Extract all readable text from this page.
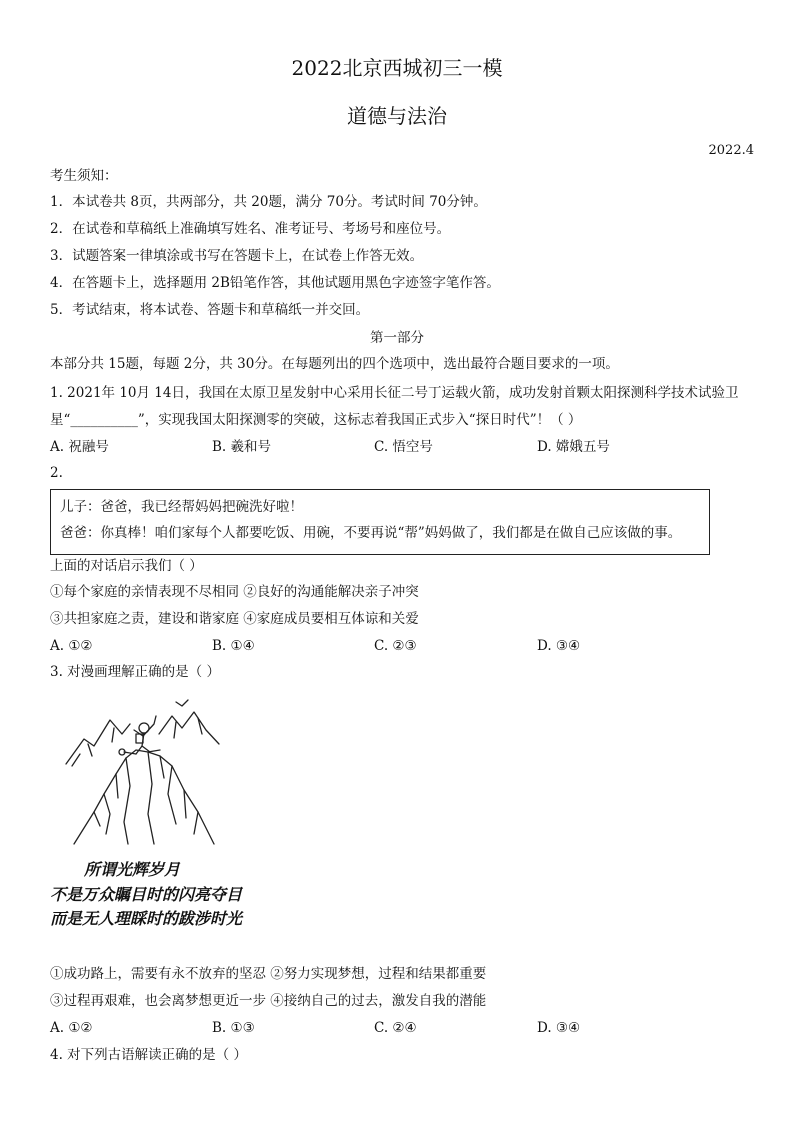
2022北京西城初三一模
道德与法治
2022.4
考生须知：
1．本试卷共 8页，共两部分，共 20题，满分 70分。考试时间 70分钟。
2．在试卷和草稿纸上准确填写姓名、准考证号、考场号和座位号。
3．试题答案一律填涂或书写在答题卡上，在试卷上作答无效。
4．在答题卡上，选择题用 2B铅笔作答，其他试题用黑色字迹签字笔作答。
5．考试结束，将本试卷、答题卡和草稿纸一并交回。
第一部分
本部分共 15题，每题 2分，共 30分。在每题列出的四个选项中，选出最符合题目要求的一项。
1. 2021年 10月 14日，我国在太原卫星发射中心采用长征二号丁运载火箭，成功发射首颗太阳探测科学技术试验卫
星“__________”，实现我国太阳探测零的突破，这标志着我国正式步入“探日时代”！（ ）
A. 祝融号	B. 羲和号	C. 悟空号	D. 嫦娥五号
2.
儿子：爸爸，我已经帮妈妈把碗洗好啦！
爸爸：你真棒！咱们家每个人都要吃饭、用碗，不要再说“帮”妈妈做了，我们都是在做自己应该做的事。
上面的对话启示我们（ ）
①每个家庭的亲情表现不尽相同 ②良好的沟通能解决亲子冲突
③共担家庭之责，建设和谐家庭 ④家庭成员要相互体谅和关爱
A. ①②	B. ①④	C. ②③	D. ③④
3. 对漫画理解正确的是（ ）
所谓光辉岁月
不是万众瞩目时的闪亮夺目
而是无人理睬时的跋涉时光
①成功路上，需要有永不放弃的坚忍 ②努力实现梦想，过程和结果都重要
③过程再艰难，也会离梦想更近一步 ④接纳自己的过去，激发自我的潜能
A. ①②	B. ①③	C. ②④	D. ③④
4. 对下列古语解读正确的是（ ）
